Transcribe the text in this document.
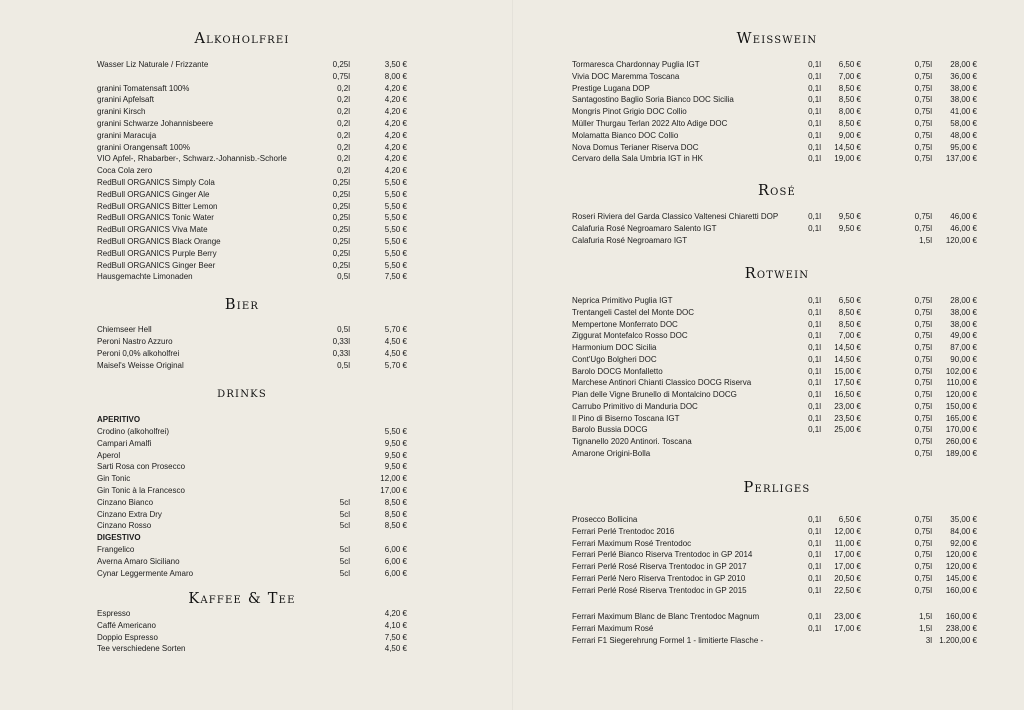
Alkoholfrei
Wasser Liz Naturale / Frizzante	0,25l	3,50 €
0,75l	8,00 €
granini Tomatensaft 100%	0,2l	4,20 €
granini Apfelsaft	0,2l	4,20 €
granini Kirsch	0,2l	4,20 €
granini Schwarze Johannisbeere	0,2l	4,20 €
granini Maracuja	0,2l	4,20 €
granini Orangensaft 100%	0,2l	4,20 €
VIO Apfel-, Rhabarber-, Schwarz.-Johannisb.-Schorle	0,2l	4,20 €
Coca Cola zero	0,2l	4,20 €
RedBull ORGANICS Simply Cola	0,25l	5,50 €
RedBull ORGANICS Ginger Ale	0,25l	5,50 €
RedBull ORGANICS Bitter Lemon	0,25l	5,50 €
RedBull ORGANICS Tonic Water	0,25l	5,50 €
RedBull ORGANICS Viva Mate	0,25l	5,50 €
RedBull ORGANICS Black Orange	0,25l	5,50 €
RedBull ORGANICS Purple Berry	0,25l	5,50 €
RedBull ORGANICS Ginger Beer	0,25l	5,50 €
Hausgemachte Limonaden	0,5l	7,50 €
Bier
Chiemseer Hell	0,5l	5,70 €
Peroni Nastro Azzuro	0,33l	4,50 €
Peroni 0,0% alkoholfrei	0,33l	4,50 €
Maisel's Weisse Original	0,5l	5,70 €
drinks
APERITIVO
Crodino (alkoholfrei)	5,50 €
Campari Amalfi	9,50 €
Aperol	9,50 €
Sarti Rosa con Prosecco	9,50 €
Gin Tonic	12,00 €
Gin Tonic à la Francesco	17,00 €
Cinzano Bianco	5cl	8,50 €
Cinzano Extra Dry	5cl	8,50 €
Cinzano Rosso	5cl	8,50 €
DIGESTIVO
Frangelico	5cl	6,00 €
Averna Amaro Siciliano	5cl	6,00 €
Cynar Leggermente Amaro	5cl	6,00 €
Kaffee & Tee
Espresso	4,20 €
Caffé Americano	4,10 €
Doppio Espresso	7,50 €
Tee verschiedene Sorten	4,50 €
Weisswein
Tormaresca Chardonnay Puglia IGT	0,1l 6,50 €	0,75l 28,00 €
Vivia DOC Maremma Toscana	0,1l 7,00 €	0,75l 36,00 €
Prestige Lugana DOP	0,1l 8,50 €	0,75l 38,00 €
Santagostino Baglio Soria Bianco DOC Sicilia	0,1l 8,50 €	0,75l 38,00 €
Mongris Pinot Grigio DOC Collio	0,1l 8,00 €	0,75l 41,00 €
Müller Thurgau Terlan 2022 Alto Adige DOC	0,1l 8,50 €	0,75l 58,00 €
Molamatta Bianco DOC Collio	0,1l 9,00 €	0,75l 48,00 €
Nova Domus Terianer Riserva DOC	0,1l 14,50 €	0,75l 95,00 €
Cervaro della Sala Umbria IGT in HK	0,1l 19,00 €	0,75l 137,00 €
Rosé
Roseri Riviera del Garda Classico Valtenesi Chiaretti DOP	0,1l 9,50 €	0,75l 46,00 €
Calafuria Rosé Negroamaro Salento IGT	0,1l 9,50 €	0,75l 46,00 €
Calafuria Rosé Negroamaro IGT	1,5l 120,00 €
Rotwein
Neprica Primitivo Puglia IGT	0,1l 6,50 €	0,75l 28,00 €
Trentangeli Castel del Monte DOC	0,1l 8,50 €	0,75l 38,00 €
Mempertone Monferrato DOC	0,1l 8,50 €	0,75l 38,00 €
Ziggurat Montefalco Rosso DOC	0,1l 7,00 €	0,75l 49,00 €
Harmonium DOC Sicilia	0,1l 14,50 €	0,75l 87,00 €
Cont'Ugo Bolgheri DOC	0,1l 14,50 €	0,75l 90,00 €
Barolo DOCG Monfalletto	0,1l 15,00 €	0,75l 102,00 €
Marchese Antinori Chianti Classico DOCG Riserva	0,1l 17,50 €	0,75l 110,00 €
Pian delle Vigne Brunello di Montalcino DOCG	0,1l 16,50 €	0,75l 120,00 €
Carrubo Primitivo di Manduria DOC	0,1l 23,00 €	0,75l 150,00 €
Il Pino di Biserno Toscana IGT	0,1l 23,50 €	0,75l 165,00 €
Barolo Bussia DOCG	0,1l 25,00 €	0,75l 170,00 €
Tignanello 2020 Antinori. Toscana	0,75l 260,00 €
Amarone Origini-Bolla	0,75l 189,00 €
Perliges
Prosecco Bollicina	0,1l 6,50 €	0,75l 35,00 €
Ferrari Perlé Trentodoc 2016	0,1l 12,00 €	0,75l 84,00 €
Ferrari Maximum Rosé Trentodoc	0,1l 11,00 €	0,75l 92,00 €
Ferrari Perlé Bianco Riserva Trentodoc in GP 2014	0,1l 17,00 €	0,75l 120,00 €
Ferrari Perlé Rosé Riserva Trentodoc in GP 2017	0,1l 17,00 €	0,75l 120,00 €
Ferrari Perlé Nero Riserva Trentodoc in GP 2010	0,1l 20,50 €	0,75l 145,00 €
Ferrari Perlé Rosé Riserva Trentodoc in GP 2015	0,1l 22,50 €	0,75l 160,00 €
Ferrari Maximum Blanc de Blanc Trentodoc Magnum	0,1l 23,00 €	1,5l 160,00 €
Ferrari Maximum Rosé	0,1l 17,00 €	1,5l 238,00 €
Ferrari F1 Siegerehrung Formel 1 - limitierte Flasche -	3l 1.200,00 €
